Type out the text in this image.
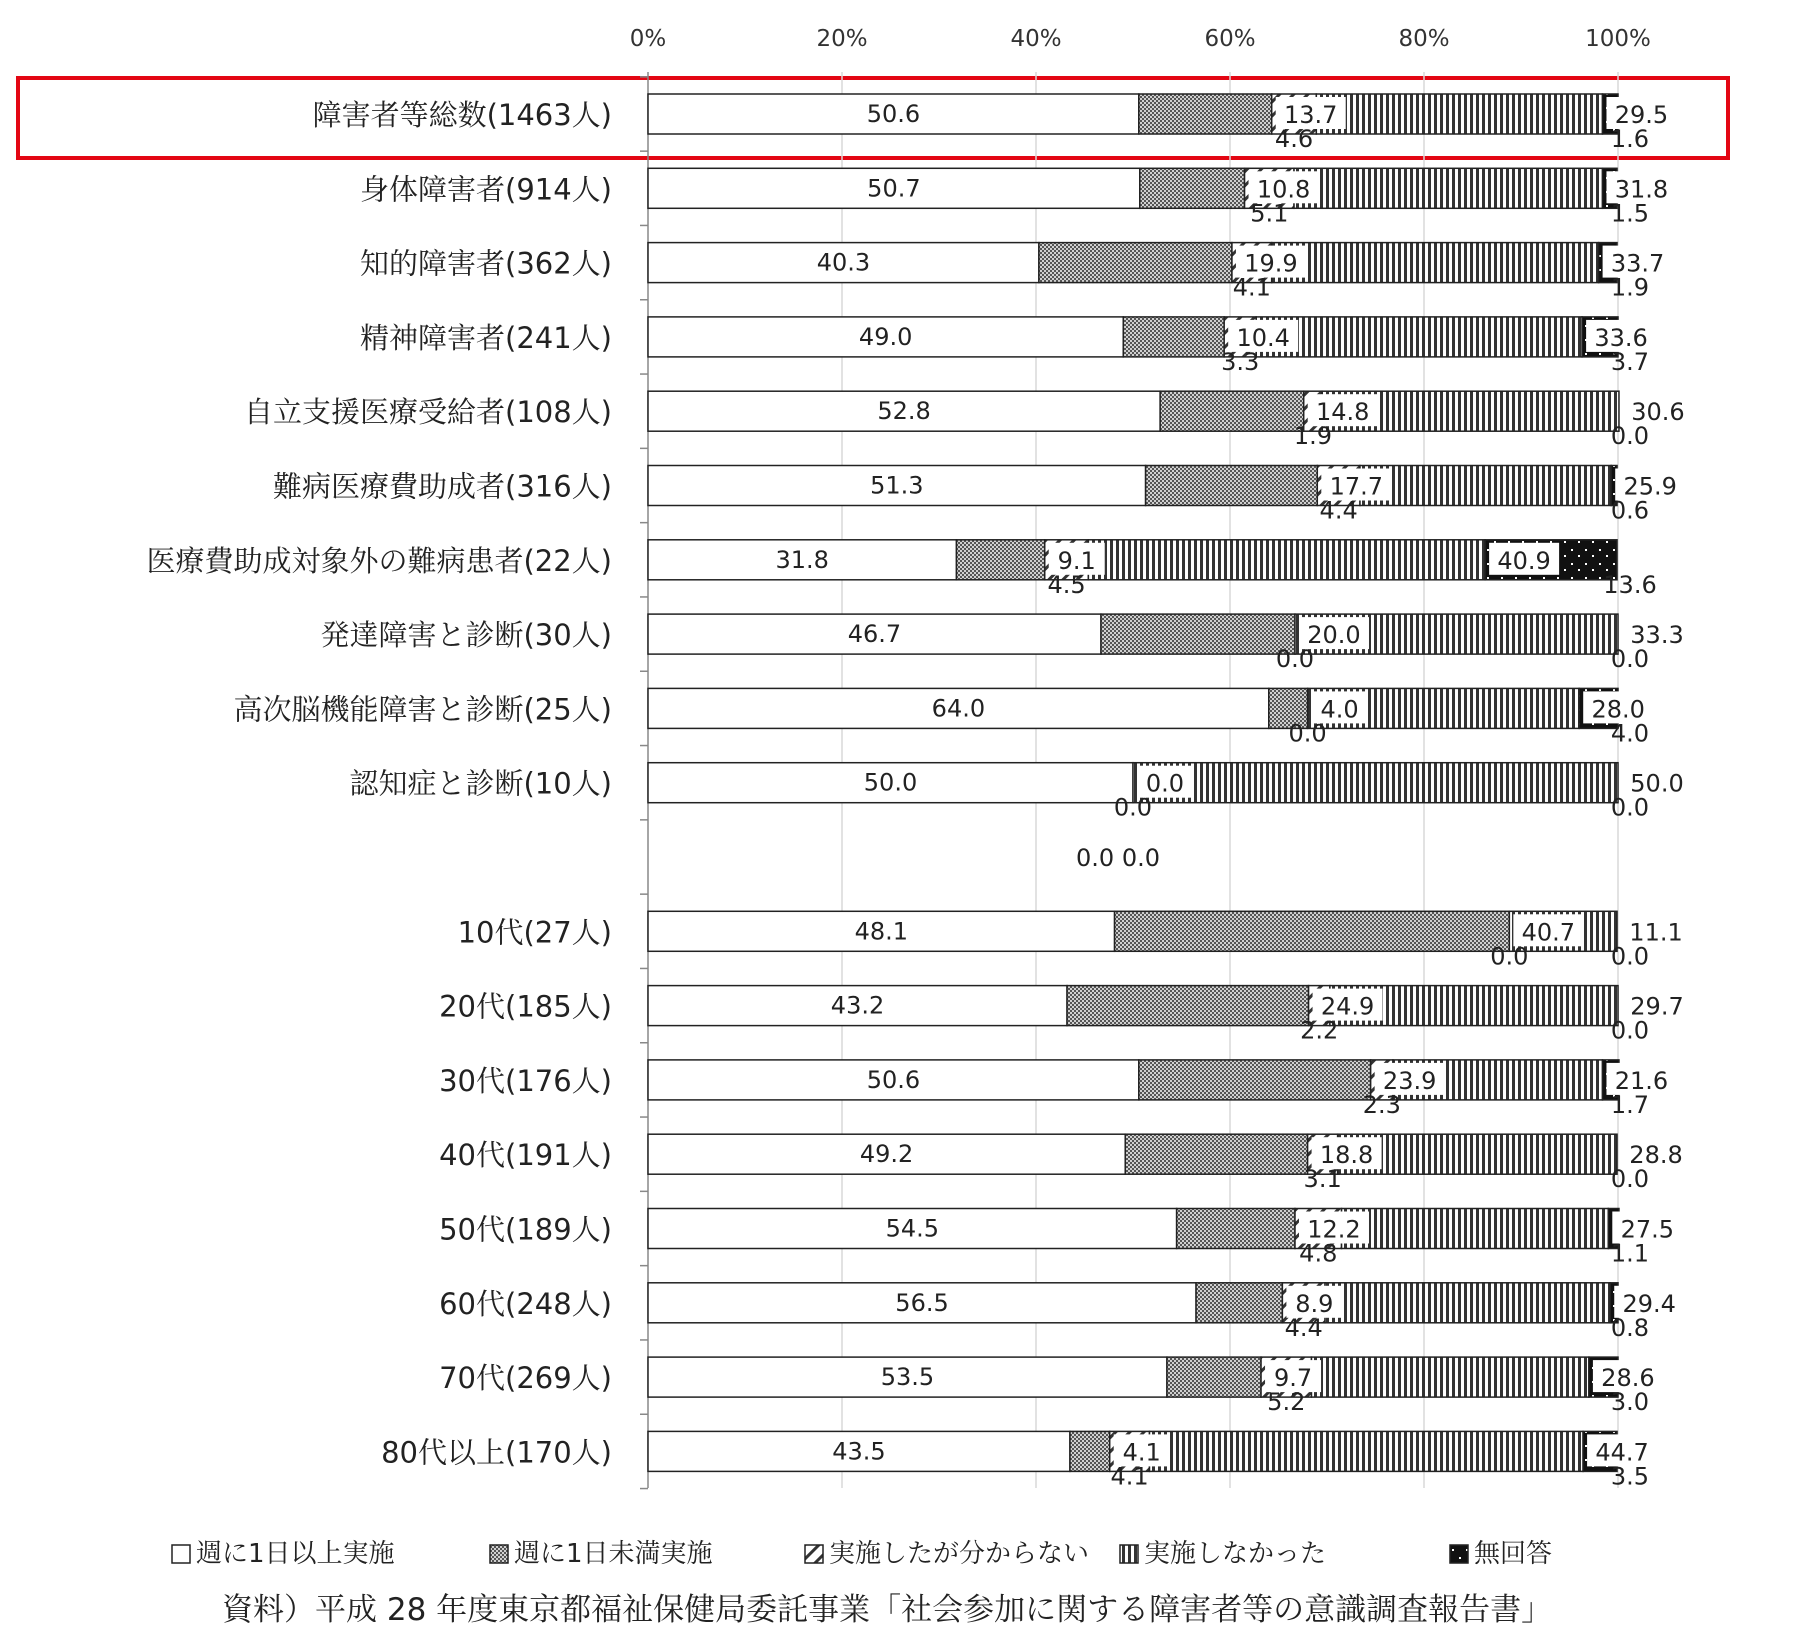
0%	20%	40%	60%	80%	100%
50.6	13.7
4.6
29.5
1.6
50.7	10.8
5.1
31.8
1.5
40.3	19.9
4.1
33.7
1.9
49.0	10.4
3.3
33.6
3.7
52.8	14.8
1.9
30.6
0.0
51.3	17.7
4.4
25.9
0.6
31.8	9.1
4.5
40.9
13.6
46.7	20.0
0.0
33.3
0.0
64.0	4.0
0.0
28.0
4.0
50.0	0.0
0.0
50.0
0.0
0.0 0.0
48.1	40.7
0.0
11.1
0.0
43.2	24.9
2.2
29.7
0.0
50.6	23.9
2.3
21.6
1.7
49.2	18.8
3.1
28.8
0.0
54.5	12.2
4.8
27.5
1.1
56.5	8.9
4.4
29.4
0.8
53.5	9.7
5.2
28.6
3.0
43.5	4.1
4.1
44.7
3.5
障害者等総数(1463人)
身体障害者(914人)
知的障害者(362人)
精神障害者(241人)
自立支援医療受給者(108人)
難病医療費助成者(316人)
医療費助成対象外の難病患者(22人)
発達障害と診断(30人)
高次脳機能障害と診断(25人)
認知症と診断(10人)
10代(27人)
20代(185人)
30代(176人)
40代(191人)
50代(189人)
60代(248人)
70代(269人)
80代以上(170人)
週に1日以上実施	週に1日未満実施	実施したが分からない 実施しなかった	無回答
資料）平成 28 年度東京都福祉保健局委託事業「社会参加に関する障害者等の意識調査報告書」
